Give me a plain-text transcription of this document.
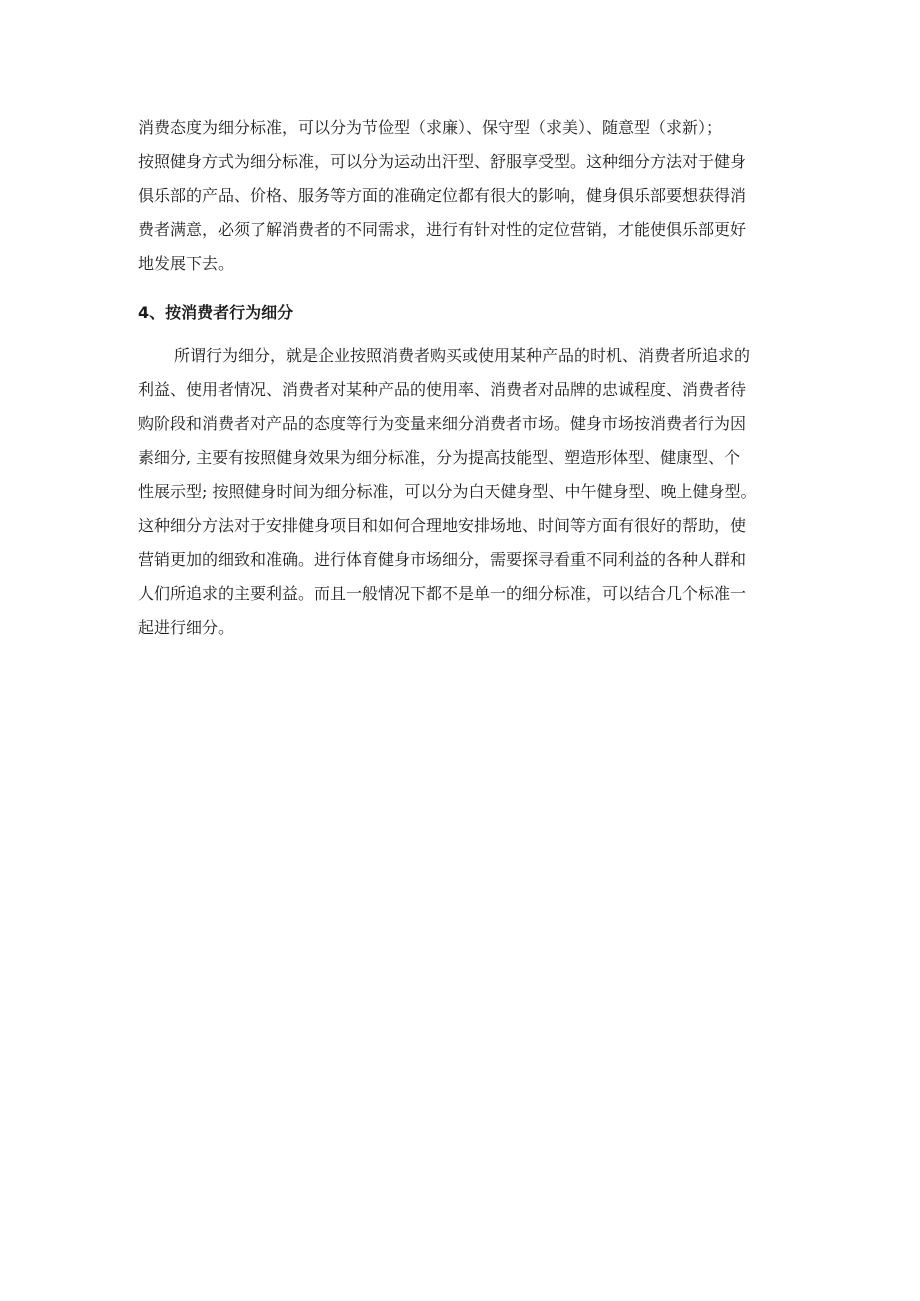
消费态度为细分标准，可以分为节俭型（求廉）、保守型（求美）、随意型（求新）；
按照健身方式为细分标准，可以分为运动出汗型、舒服享受型。这种细分方法对于健身
俱乐部的产品、价格、服务等方面的准确定位都有很大的影响，健身俱乐部要想获得消
费者满意，必须了解消费者的不同需求，进行有针对性的定位营销，才能使俱乐部更好
地发展下去。
4、按消费者行为细分
所谓行为细分，就是企业按照消费者购买或使用某种产品的时机、消费者所追求的
利益、使用者情况、消费者对某种产品的使用率、消费者对品牌的忠诚程度、消费者待
购阶段和消费者对产品的态度等行为变量来细分消费者市场。健身市场按消费者行为因
素细分, 主要有按照健身效果为细分标准，分为提高技能型、塑造形体型、健康型、个
性展示型; 按照健身时间为细分标准，可以分为白天健身型、中午健身型、晚上健身型。
这种细分方法对于安排健身项目和如何合理地安排场地、时间等方面有很好的帮助，使
营销更加的细致和准确。进行体育健身市场细分，需要探寻看重不同利益的各种人群和
人们所追求的主要利益。而且一般情况下都不是单一的细分标准，可以结合几个标准一
起进行细分。
